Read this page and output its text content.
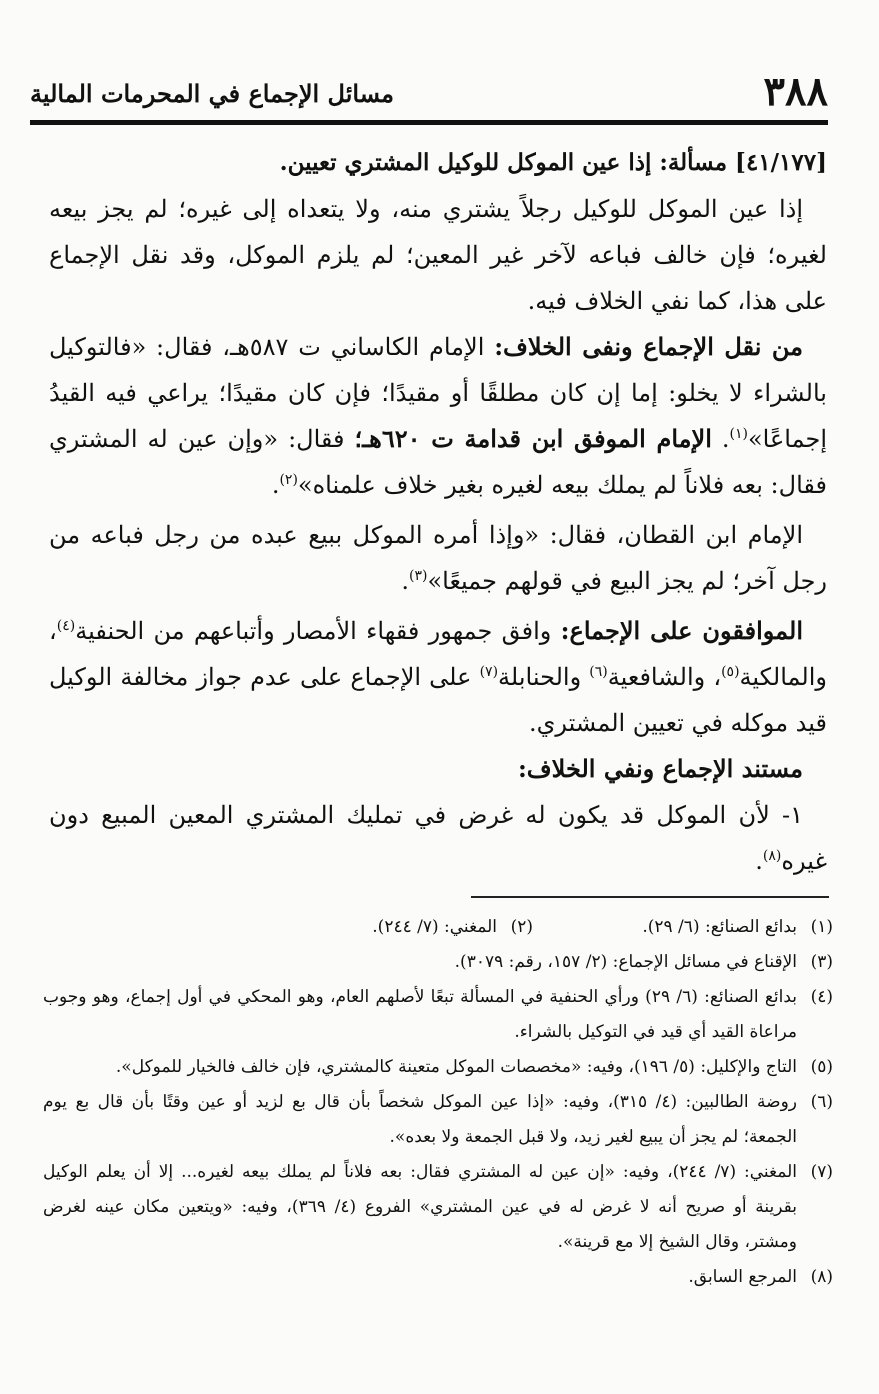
٣٨٨
مسائل الإجماع في المحرمات المالية

[٤١/١٧٧] مسألة: إذا عين الموكل للوكيل المشتري تعيين.

إذا عين الموكل للوكيل رجلاً يشتري منه، ولا يتعداه إلى غيره؛ لم يجز بيعه لغيره؛ فإن خالف فباعه لآخر غير المعين؛ لم يلزم الموكل، وقد نقل الإجماع على هذا، كما نفي الخلاف فيه.

من نقل الإجماع ونفى الخلاف: الإمام الكاساني ت ٥٨٧هـ، فقال: «فالتوكيل بالشراء لا يخلو: إما إن كان مطلقًا أو مقيدًا؛ فإن كان مقيدًا؛ يراعي فيه القيدُ إجماعًا»$^{(١)}$. الإمام الموفق ابن قدامة ت ٦٢٠هـ؛ فقال: «وإن عين له المشتري فقال: بعه فلاناً لم يملك بيعه لغيره بغير خلاف علمناه»$^{(٢)}$.

الإمام ابن القطان، فقال: «وإذا أمره الموكل ببيع عبده من رجل فباعه من رجل آخر؛ لم يجز البيع في قولهم جميعًا»$^{(٣)}$.

الموافقون على الإجماع: وافق جمهور فقهاء الأمصار وأتباعهم من الحنفية$^{(٤)}$، والمالكية$^{(٥)}$، والشافعية$^{(٦)}$ والحنابلة$^{(٧)}$ على الإجماع على عدم جواز مخالفة الوكيل قيد موكله في تعيين المشتري.

مستند الإجماع ونفي الخلاف:

١- لأن الموكل قد يكون له غرض في تمليك المشتري المعين المبيع دون غيره$^{(٨)}$.

(١)
بدائع الصنائع: (٦/ ٢٩).
(٢)
المغني: (٧/ ٢٤٤).
(٣)
الإقناع في مسائل الإجماع: (٢/ ١٥٧، رقم: ٣٠٧٩).
(٤)
بدائع الصنائع: (٦/ ٢٩) ورأي الحنفية في المسألة تبعًا لأصلهم العام، وهو المحكي في أول إجماع، وهو وجوب مراعاة القيد أي قيد في التوكيل بالشراء.
(٥)
التاج والإكليل: (٥/ ١٩٦)، وفيه: «مخصصات الموكل متعينة كالمشتري، فإن خالف فالخيار للموكل».
(٦)
روضة الطالبين: (٤/ ٣١٥)، وفيه: «إذا عين الموكل شخصاً بأن قال بع لزيد أو عين وقتًا بأن قال بع يوم الجمعة؛ لم يجز أن يبيع لغير زيد، ولا قبل الجمعة ولا بعده».
(٧)
المغني: (٧/ ٢٤٤)، وفيه: «إن عين له المشتري فقال: بعه فلاناً لم يملك بيعه لغيره... إلا أن يعلم الوكيل بقرينة أو صريح أنه لا غرض له في عين المشتري» الفروع (٤/ ٣٦٩)، وفيه: «ويتعين مكان عينه لغرض ومشتر، وقال الشيخ إلا مع قرينة».
(٨)
المرجع السابق.
